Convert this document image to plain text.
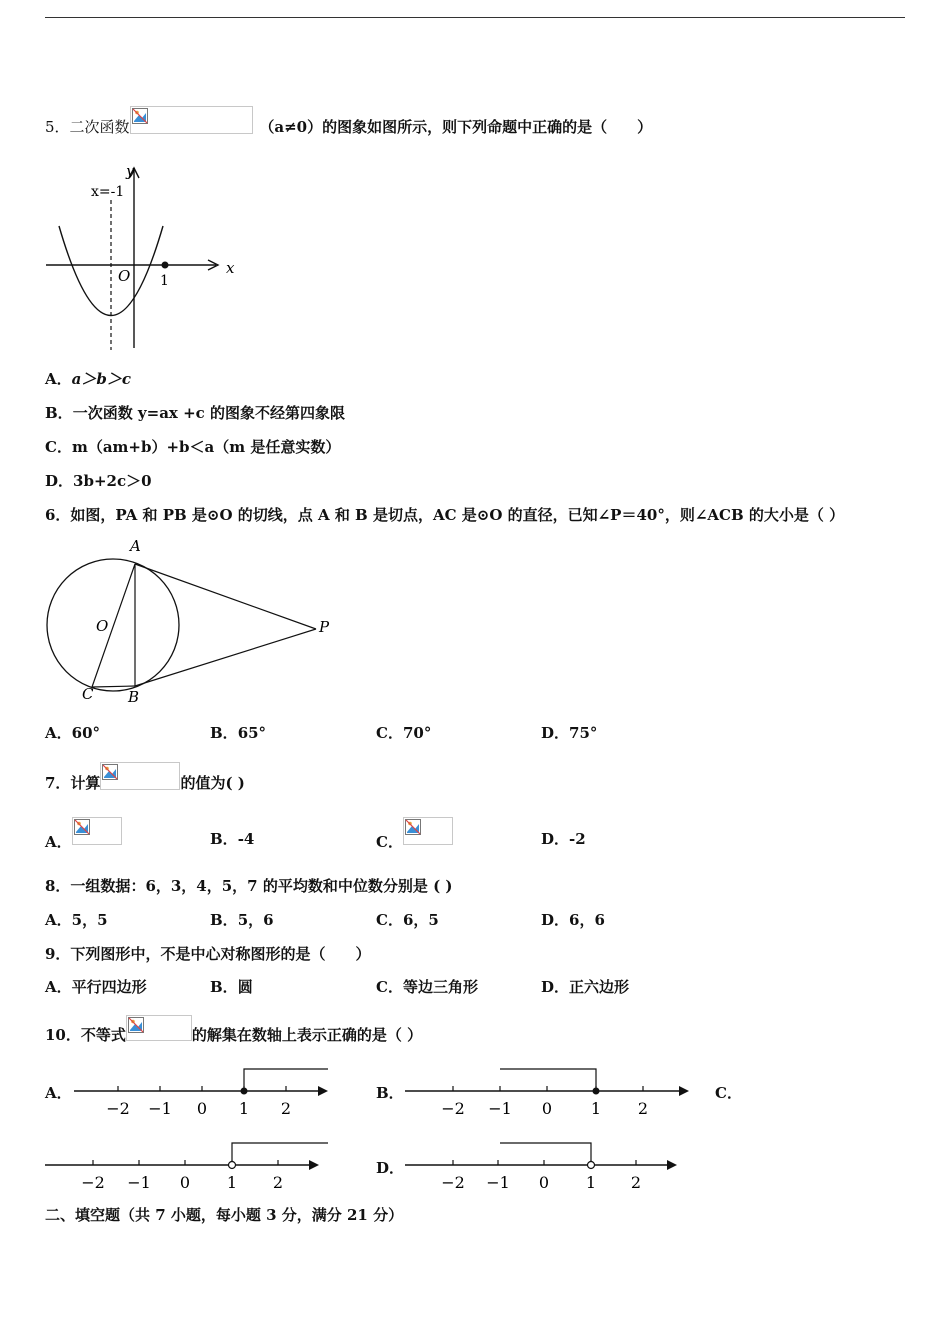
5．二次函数	（a≠0）的图象如图所示，则下列命题中正确的是（　　）
y
x
O
x=-1
1
A．a＞b＞c
B．一次函数 y=ax +c 的图象不经第四象限
C．m（am+b）+b＜a（m 是任意实数）
D．3b+2c＞0
6．如图，PA 和 PB 是⊙O 的切线，点 A 和 B 是切点，AC 是⊙O 的直径，已知∠P＝40°，则∠ACB 的大小是（ ）
A
B
C
O	P
A．60°	B．65°	C．70°	D．75°
7．计算	的值为( )
A．	B．-4	C．	D．-2
8．一组数据：6，3，4，5，7 的平均数和中位数分别是 ( )
A．5，5	B．5，6	C．6，5	D．6，6
9．下列图形中，不是中心对称图形的是（　　）
A．平行四边形	B．圆	C．等边三角形	D．正六边形
10．不等式	的解集在数轴上表示正确的是（ ）
A．	B．	C．
D．
−2 −1 0 1 2	−2 −1 0 1 2
−2 −1 0 1 2	−2 −1 0 1 2
二、填空题（共 7 小题，每小题 3 分，满分 21 分）
